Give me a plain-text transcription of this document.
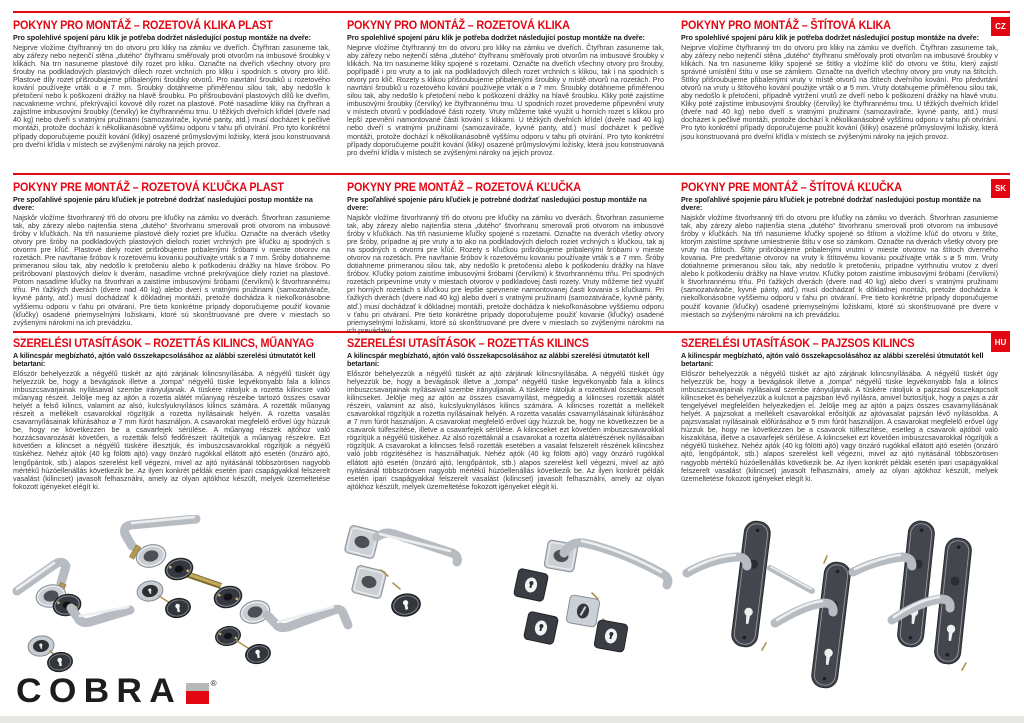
POKYNY PRO MONTÁŽ – ROZETOVÁ KLIKA PLAST

Pro spolehlivé spojení páru klik je potřeba dodržet následující postup montáže na dveře:

Nejprve vložíme čtyřhranný trn do otvoru pro kliky na zámku ve dveřích. Čtyřhran zasuneme tak, aby zářezy nebo nejtenčí stěna „dutého“ čtyřhranu směřovaly proti otvorům na imbusové šroubky v klikách. Na trn nasuneme plastové díly rozet pro kliku. Označte na dveřích všechny otvory pro šrouby na podkladových plastových dílech rozet vrchních pro kliku i spodních s otvory pro klíč. Plastové díly rozet přišroubujeme přibalenými šroubky otvorů. Pro navrtání šroubků u rozetového kování používejte vrták o ø 7 mm. Šroubky dotáhneme přiměřenou silou tak, aby nedošlo k přetočení nebo k poškození drážky na hlavě šroubku. Po přišroubování plastových dílů ke dveřím, nacvakneme vrchní, překrývající kovové díly rozet na plastové. Poté nasadíme kliky na čtyřhran a zajistíme imbusovými šroubky (červíky) ke čtyřhrannému trnu. U těžkých dveřních křídel (dveře nad 40 kg) nebo dveří s vratnými pružinami (samozavírače, kyvné panty, atd.) musí docházet k pečlivé montáži, protože dochází k několikanásobně vyššímu odporu v tahu při otvírání. Pro tyto konkrétní případy doporučujeme použít kování (kliky) osazené průmyslovými ložisky, která jsou konstruovaná pro dveřní křídla v místech se zvýšenými nároky na jejich provoz.

POKYNY PRO MONTÁŽ – ROZETOVÁ KLIKA

Pro spolehlivé spojení páru klik je potřeba dodržet následující postup montáže na dveře:

Nejprve vložíme čtyřhranný trn do otvoru pro kliky na zámku ve dveřích. Čtyřhran zasuneme tak, aby zářezy nebo nejtenčí stěna „dutého“ čtyřhranu směřovaly proti otvorům na imbusové šroubky v klikách. Na trn nasuneme kliky spojené s rozetami. Označte na dveřích všechny otvory pro šrouby, popřípadě i pro vruty a to jak na podkladových dílech rozet vrchních s klikou, tak i na spodních s otvory pro klíč. Rozety s klikou přišroubujeme přibalenými šroubky v místě otvorů na rozetách. Pro navrtání šroubků u rozetového kování používejte vrták o ø 7 mm. Šroubky dotáhneme přiměřenou silou tak, aby nedošlo k přetočení nebo k poškození drážky na hlavě šroubku. Kliky poté zajistíme imbusovými šroubky (červíky) ke čtyřhrannému trnu. U spodních rozet provedeme připevnění vruty v místech otvorů v podkladové části rozety. Vruty můžeme také využít u horních rozet s klikou pro lepší zpevnění namontované části kování s klikami. U těžkých dveřních křídel (dveře nad 40 kg) nebo dveří s vratnými pružinami (samozavírače, kyvné panty, atd.) musí docházet k pečlivé montáži, protože dochází k několikanásobně vyššímu odporu v tahu při otvírání. Pro tyto konkrétní případy doporučujeme použít kování (kliky) osazené průmyslovými ložisky, která jsou konstruovaná pro dveřní křídla v místech se zvýšenými nároky na jejich provoz.

POKYNY PRO MONTÁŽ – ŠTÍTOVÁ KLIKA

Pro spolehlivé spojení páru klik je potřeba dodržet následující postup montáže na dveře:

Nejprve vložíme čtyřhranný trn do otvoru pro kliky na zámku ve dveřích. Čtyřhran zasuneme tak, aby zářezy nebo nejtenčí stěna „dutého“ čtyřhranu směřovaly proti otvorům na imbusové šroubky v klikách. Na trn nasuneme kliky spojené se štítky a vložíme klíč do otvoru ve štítu, který zajistí správné umístění štítu v ose se zámkem. Označte na dveřích všechny otvory pro vruty na štítcích. Štítky přišroubujeme přibalenými vruty v místě otvorů na štítech dveřního kování. Pro předvrtání otvorů na vruty u štítového kování použijte vrták o ø 5 mm. Vruty dotahujeme přiměřenou silou tak, aby nedošlo k přetočení, případně vytržení vrutů ze dveří nebo k poškození drážky na hlavě vrutu. Kliky poté zajistíme imbusovými šroubky (červíky) ke čtyřhrannému trnu. U těžkých dveřních křídel (dveře nad 40 kg) nebo dveří s vratnými pružinami (samozavírače, kyvné panty, atd.) musí docházet k pečlivé montáži, protože dochází k několikanásobně vyššímu odporu v tahu při otvírání. Pro tyto konkrétní případy doporučujeme použít kování (kliky) osazené průmyslovými ložisky, která jsou konstruovaná pro dveřní křídla v místech se zvýšenými nároky na jejich provoz.

CZ
POKYNY PRE MONTÁŽ – ROZETOVÁ KĽUČKA PLAST

Pre spoľahlivé spojenie páru kľučiek je potrebné dodržať nasledujúci postup montáže na dvere:

Najskôr vložíme štvorhranný tŕň do otvoru pre kľučky na zámku vo dverách. Štvorhran zasunieme tak, aby zárezy alebo najtenšia stena „dutého“ štvorhranu smerovali proti otvorom na imbusové šróby v kľučkách. Na tŕň nasunieme plastové diely roziet pre kľučku. Označte na dverách všetky otvory pre šróby na podkladových plastových dieloch roziet vrchných pre kľučku aj spodných s otvormi pre kľúč. Plastové diely roziet prišróbujeme pribalenými šróbami v mieste otvorov na rozetách. Pre navŕtanie šróbov k rozetovému kovaniu používajte vrták s ø 7 mm. Šróby dotiahneme primeranou silou tak, aby nedošlo k pretočeniu alebo k poškodeniu drážky na hlave šróbov. Po prišróbovaní plastových dielov k dverám, nasadíme vrchné prekrývajúce diely roziet na plastové. Potom nasadíme kľučky na štvorhran a zaistíme imbusovými šróbami (červíkmi) k štvorhrannému tŕňu. Pri ťažkých dverách (dvere nad 40 kg) alebo dverí s vratnými pružinami (samozatvárače, kyvné pánty, atď.) musí dochádzať k dôkladnej montáži, pretože dochádza k niekoľkonásobne vyššiemu odporu v ťahu pri otváraní. Pre tieto konkrétne prípady doporučujeme použiť kovanie (kľučky) osadené priemyselnými ložiskami, ktoré sú skonštruované pre dvere v miestach so zvýšenými nárokmi na ich prevádzku.

POKYNY PRE MONTÁŽ – ROZETOVÁ KĽUČKA

Pre spoľahlivé spojenie páru kľučiek je potrebné dodržať nasledujúci postup montáže na dvere:

Najskôr vložíme štvorhranný tŕň do otvoru pre kľučky na zámku vo dverách. Štvorhran zasunieme tak, aby zárezy alebo najtenšia stena „dutého“ štvorhranu smerovali proti otvorom na imbusové šróby v kľučkách. Na tŕň nasunieme kľučky spojené s rozetami. Označte na dverách všetky otvory pre šróby, prípadne aj pre vruty a to ako na podkladových dieloch roziet vrchných s kľučkou, tak aj na spodných s otvormi pre kľúč. Rozety s kľučkou prišróbujeme pribalenými šróbami v mieste otvorov na rozetách. Pre navŕtanie šróbov k rozetovému kovaniu používajte vrták s ø 7 mm. Šróby dotiahneme primeranou silou tak, aby nedošlo k pretočeniu alebo k poškodeniu drážky na hlave šróbov. Kľučky potom zaistíme imbusovými šróbami (červíkmi) k štvorhrannému tŕňu. Pri spodných rozetách pripevníme vruty v miestach otvorov v podkladovej časti rozety. Vruty môžeme tiež využiť pri horných rozetách s kľučkou pre lepšie spevnenie namontovanej časti kovania s kľučkami. Pri ťažkých dverách (dvere nad 40 kg) alebo dverí s vratnými pružinami (samozatvárače, kyvné pánty, atď.) musí dochádzať k dôkladnej montáži, pretože dochádza k niekoľkonásobne vyššiemu odporu v ťahu pri otváraní. Pre tieto konkrétne prípady doporučujeme použiť kovanie (kľučky) osadené priemyselnými ložiskami, ktoré sú skonštruované pre dvere v miestach so zvýšenými nárokmi na ich prevádzku.

POKYNY PRE MONTÁŽ – ŠTÍTOVÁ KĽUČKA

Pre spoľahlivé spojenie páru kľučiek je potrebné dodržať nasledujúci postup montáže na dvere:

Najskôr vložíme štvorhranný tŕň do otvoru pre kľučky na zámku vo dverách. Štvorhran zasunieme tak, aby zárezy alebo najtenšia stena „dutého“ štvorhranu smerovali proti otvorom na imbusové šróby v kľučkách. Na tŕň nasunieme kľučky spojené so štítom a vložíme kľúč do otvoru v štíte, ktorým zaistíme správne umiestnenie štítu v ose so zámkom. Označte na dverách všetky otvory pre vruty na štítoch. Štíty prišróbujeme pribalenými vrutmi v mieste otvorov na štítoch dverného kovania. Pre predvŕtanie otvorov na vruty k štítovému kovaniu používajte vrták s ø 5 mm. Vruty dotiahneme primeranou silou tak, aby nedošlo k pretočeniu, prípadne vytrhnutiu vrutov z dverí alebo k poškodeniu drážky na hlave vrutov. Kľučky potom zaistíme imbusovými šróbami (červíkmi) k štvorhrannému tŕňu. Pri ťažkých dverách (dvere nad 40 kg) alebo dverí s vratnými pružinami (samozatvárače, kyvné pánty, atď.) musí dochádzať k dôkladnej montáži, pretože dochádza k niekoľkonásobne vyššiemu odporu v ťahu pri otváraní. Pre tieto konkrétne prípady doporučujeme použiť kovanie (kľučky) osadené priemyselnými ložiskami, ktoré sú skonštruované pre dvere v miestach so zvýšenými nárokmi na ich prevádzku.

SK
SZERELÉSI UTASÍTÁSOK – ROZETTÁS KILINCS, MŰANYAG

A kilincspár megbízható, ajtón való összekapcsolásához az alábbi szerelési útmutatót kell betartani:

Először behelyezzük a négyélű tüskét az ajtó zárjának kilincsnyílásába. A négyélű tüskét úgy helyezzük be, hogy a bevágások illetve a „tompa“ négyélű tüske legvékonyabb fala a kilincs imbuszcsavarjainak nyílásaival szembe irányuljanak. A tüskére rátoljuk a rozetta kilincsre való műanyag részeit. Jelölje meg az ajtón a rozetta alátét műanyag részeibe tartozó összes csavar helyét a felső kilincs, valamint az alsó, kulcslyuknyílásos kilincs számára. A rozetták műanyag részeit a mellékelt csavarokkal rögzítjük a rozetta nyílásainak helyén. A rozetta vasalás csavarnyílásainak kifúrásához ø 7 mm fúrót használjon. A csavarokat megfelelő erővel úgy húzzuk be, hogy ne következzen be a csavarfejek sérülése. A műanyag részek ajtóhoz való hozzácsavarozását követően, a rozetták felső fedőrészeit ráültetjük a műanyag részekre. Ezt követően a kilincset a négyélű tüskére illesztjük, és imbuszcsavarokkal rögzítjük a négyélű tüskéhez. Nehéz ajtók (40 kg fölötti ajtó) vagy önzáró rugókkal ellátott ajtó esetén (önzáró ajtó, lengőpántok, stb.) alapos szerelést kell végezni, mivel az ajtó nyitásánál többszörösen nagyobb mértékű húzóellenállás következik be. Az ilyen konkrét példák esetén ipari csapágyakkal felszerelt vasalást (kilincset) javasolt felhasználni, amely az olyan ajtókhoz készült, melyek üzemeltetése fokozott igényeket elégít ki.

SZERELÉSI UTASÍTÁSOK – ROZETTÁS KILINCS

A kilincspár megbízható, ajtón való összekapcsolásához az alábbi szerelési útmutatót kell betartani:

Először behelyezzük a négyélű tüskét az ajtó zárjának kilincsnyílásába. A négyélű tüskét úgy helyezzük be, hogy a bevágások illetve a „tompa“ négyélű tüske legvékonyabb fala a kilincs imbuszcsavarjainak nyílásaival szembe irányuljanak. A tüskére rátoljuk a rozettával összekapcsolt kilincseket. Jelölje meg az ajtón az összes csavarnyílást, mégpedig a kilincses rozetták alátét részein, valamint az alsó, kulcslyuknyílásos kilincs számára. A kilincses rozettát a mellékelt csavarokkal rögzítjük a rozetta nyílásainak helyén. A rozetta vasalás csavarnyílásainak kifúrásához ø 7 mm fúrót használjon. A csavarokat megfelelő erővel úgy húzzuk be, hogy ne következzen be a csavarok túlfeszítése, illetve a csavarfejek sérülése. A kilincseket ezt követően imbuszcsavarokkal rögzítjük a négyélű tüskéhez. Az alsó rozettáknál a csavarokat a rozetta alátétrészének nyílásaiban rögzítjük. A csavarokat a kilincses felső rozetták esetében a vasalat felszerelt részének kilincshez való jobb rögzítéséhez is használhatjuk. Nehéz ajtók (40 kg fölötti ajtó) vagy önzáró rugókkal ellátott ajtó esetén (önzáró ajtó, lengőpántok, stb.) alapos szerelést kell végezni, mivel az ajtó nyitásánál többszörösen nagyobb mértékű húzóellenállás következik be. Az ilyen konkrét példák esetén ipari csapágyakkal felszerelt vasalást (kilincset) javasolt felhasználni, amely az olyan ajtókhoz készült, melyek üzemeltetése fokozott igényeket elégít ki.

SZERELÉSI UTASÍTÁSOK – PAJZSOS KILINCS

A kilincspár megbízható, ajtón való összekapcsolásához az alábbi szerelési útmutatót kell betartani:

Először behelyezzük a négyélű tüskét az ajtó zárjának kilincsnyílásába. A négyélű tüskét úgy helyezzük be, hogy a bevágások illetve a „tompa“ négyélű tüske legvékonyabb fala a kilincs imbuszcsavarjainak nyílásaival szembe irányuljanak. A tüskére rátoljuk a pajzzsal összekapcsolt kilincseket és behelyezzük a kulcsot a pajzsban lévő nyílásra, amivel biztosítjuk, hogy a pajzs a zár tengelyével megfelelően helyezkedjen el. Jelölje meg az ajtón a pajzs összes csavarnyílásának helyét. A pajzsokat a mellékelt csavarokkal erősítjük az ajtóvasalat pajzsán lévő nyílásokba. A pajzsvasalat nyílásainak előfúrásához ø 5 mm fúrót használjon. A csavarokat megfelelő erővel úgy húzzuk be, hogy ne következzen be a csavarok túlfeszítése, esetleg a csavarok ajtóból való kiszakítása, illetve a csavarfejek sérülése. A kilincseket ezt követően imbuszcsavarokkal rögzítjük a négyélű tüskéhez. Nehéz ajtók (40 kg fölötti ajtó) vagy önzáró rugókkal ellátott ajtó esetén (önzáró ajtó, lengőpántok, stb.) alapos szerelést kell végezni, mivel az ajtó nyitásánál többszörösen nagyobb mértékű húzóellenállás következik be. Az ilyen konkrét példák esetén ipari csapágyakkal felszerelt vasalást (kilincset) javasolt felhasználni, amely az olyan ajtókhoz készült, melyek üzemeltetése fokozott igényeket elégít ki.

HU
COBRA	®
